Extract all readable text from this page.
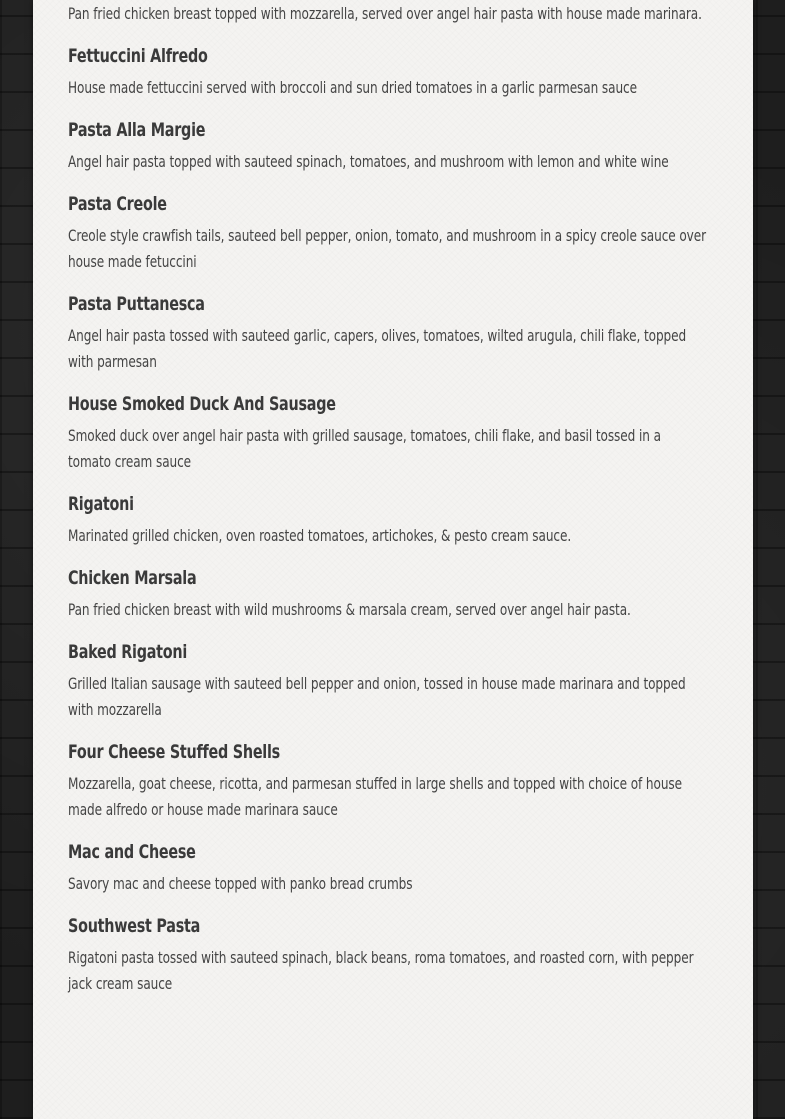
Pan fried chicken breast topped with mozzarella, served over angel hair pasta with house made marinara.

Fettuccini Alfredo

House made fettuccini served with broccoli and sun dried tomatoes in a garlic parmesan sauce

Pasta Alla Margie

Angel hair pasta topped with sauteed spinach, tomatoes, and mushroom with lemon and white wine

Pasta Creole

Creole style crawfish tails, sauteed bell pepper, onion, tomato, and mushroom in a spicy creole sauce over house made fetuccini

Pasta Puttanesca

Angel hair pasta tossed with sauteed garlic, capers, olives, tomatoes, wilted arugula, chili flake, topped with parmesan

House Smoked Duck And Sausage

Smoked duck over angel hair pasta with grilled sausage, tomatoes, chili flake, and basil tossed in a tomato cream sauce

Rigatoni

Marinated grilled chicken, oven roasted tomatoes, artichokes, & pesto cream sauce.

Chicken Marsala

Pan fried chicken breast with wild mushrooms & marsala cream, served over angel hair pasta.

Baked Rigatoni

Grilled Italian sausage with sauteed bell pepper and onion, tossed in house made marinara and topped with mozzarella

Four Cheese Stuffed Shells

Mozzarella, goat cheese, ricotta, and parmesan stuffed in large shells and topped with choice of house made alfredo or house made marinara sauce

Mac and Cheese

Savory mac and cheese topped with panko bread crumbs

Southwest Pasta

Rigatoni pasta tossed with sauteed spinach, black beans, roma tomatoes, and roasted corn, with pepper jack cream sauce
